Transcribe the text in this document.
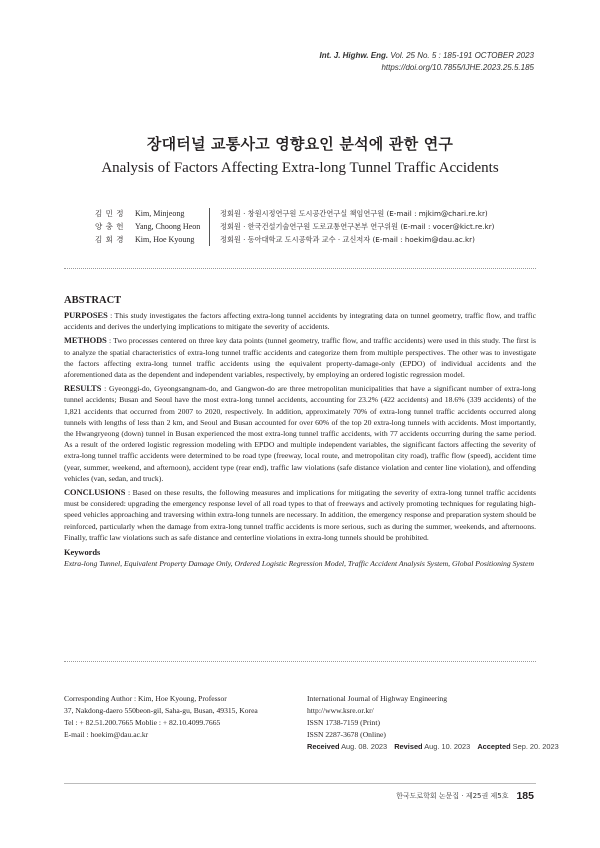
Int. J. Highw. Eng. Vol. 25 No. 5 : 185-191 OCTOBER 2023
https://doi.org/10.7855/IJHE.2023.25.5.185
장대터널 교통사고 영향요인 분석에 관한 연구
Analysis of Factors Affecting Extra-long Tunnel Traffic Accidents
김 민 정	Kim, Minjeong	정회원 · 창원시정연구원 도시공간연구실 책임연구원 (E-mail : mjkim@chari.re.kr)
양 충 헌	Yang, Choong Heon	정회원 · 한국건설기술연구원 도로교통연구본부 연구위원 (E-mail : vocer@kict.re.kr)
김 회 경	Kim, Hoe Kyoung	정회원 · 동아대학교 도시공학과 교수 · 교신저자 (E-mail : hoekim@dau.ac.kr)
ABSTRACT

PURPOSES : This study investigates the factors affecting extra-long tunnel accidents by integrating data on tunnel geometry, traffic flow, and traffic accidents and derives the underlying implications to mitigate the severity of accidents.

METHODS : Two processes centered on three key data points (tunnel geometry, traffic flow, and traffic accidents) were used in this study. The first is to analyze the spatial characteristics of extra-long tunnel traffic accidents and categorize them from multiple perspectives. The other was to investigate the factors affecting extra-long tunnel traffic accidents using the equivalent property-damage-only (EPDO) of individual accidents and the aforementioned data as the dependent and independent variables, respectively, by employing an ordered logistic regression model.

RESULTS : Gyeonggi-do, Gyeongsangnam-do, and Gangwon-do are three metropolitan municipalities that have a significant number of extra-long tunnel accidents; Busan and Seoul have the most extra-long tunnel accidents, accounting for 23.2% (422 accidents) and 18.6% (339 accidents) of the 1,821 accidents that occurred from 2007 to 2020, respectively. In addition, approximately 70% of extra-long tunnel traffic accidents occurred along tunnels with lengths of less than 2 km, and Seoul and Busan accounted for over 60% of the top 20 extra-long tunnels with accidents. Most importantly, the Hwangryeong (down) tunnel in Busan experienced the most extra-long tunnel traffic accidents, with 77 accidents occurring during the same period. As a result of the ordered logistic regression modeling with EPDO and multiple independent variables, the significant factors affecting the severity of extra-long tunnel traffic accidents were determined to be road type (freeway, local route, and metropolitan city road), traffic flow (speed), accident time (year, summer, weekend, and afternoon), accident type (rear end), traffic law violations (safe distance violation and center line violation), and offending vehicles (van, sedan, and truck).

CONCLUSIONS : Based on these results, the following measures and implications for mitigating the severity of extra-long tunnel traffic accidents must be considered: upgrading the emergency response level of all road types to that of freeways and actively promoting techniques for regulating high-speed vehicles approaching and traversing within extra-long tunnels are necessary. In addition, the emergency response and preparation system should be reinforced, particularly when the damage from extra-long tunnel traffic accidents is more serious, such as during the summer, weekends, and afternoons. Finally, traffic law violations such as safe distance and centerline violations in extra-long tunnels should be prohibited.

Keywords
Extra-long Tunnel, Equivalent Property Damage Only, Ordered Logistic Regression Model, Traffic Accident Analysis System, Global Positioning System
Corresponding Author : Kim, Hoe Kyoung, Professor
37, Nakdong-daero 550beon-gil, Saha-gu, Busan, 49315, Korea
Tel : + 82.51.200.7665 Moblie : + 82.10.4099.7665
E-mail : hoekim@dau.ac.kr
International Journal of Highway Engineering
http://www.ksre.or.kr/
ISSN 1738-7159 (Print)
ISSN 2287-3678 (Online)
Received Aug. 08. 2023 Revised Aug. 10. 2023 Accepted Sep. 20. 2023
한국도로학회 논문집 · 제25권 제5호 185
